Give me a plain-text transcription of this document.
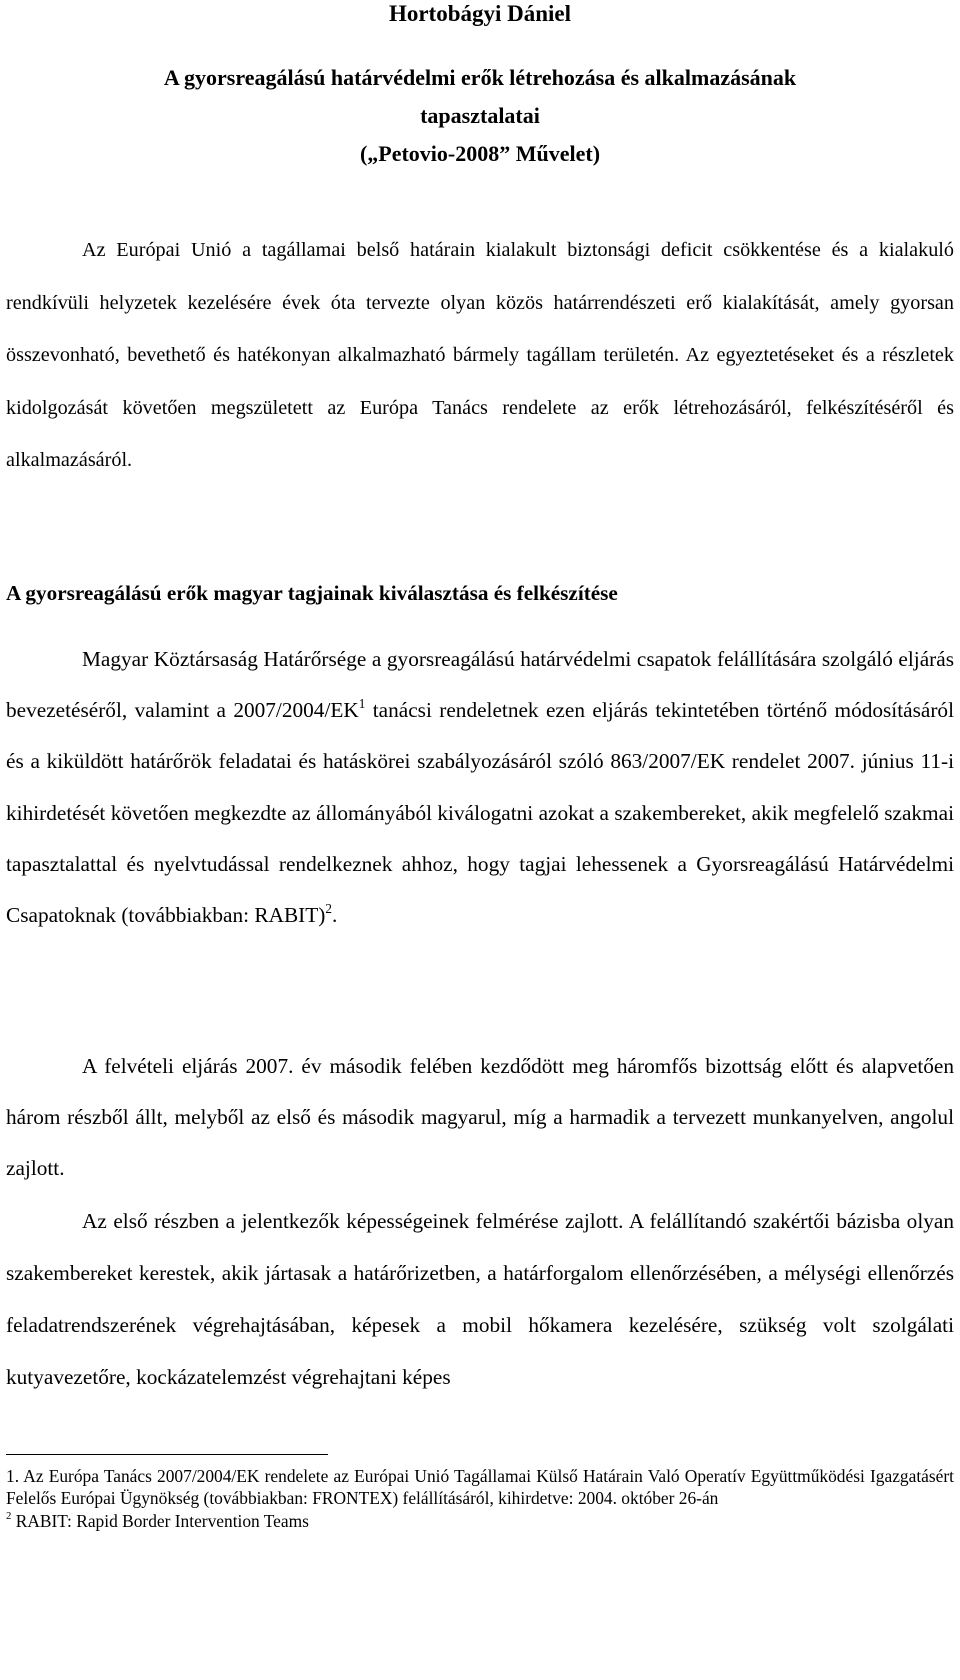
Hortobágyi Dániel
A gyorsreagálású határvédelmi erők létrehozása és alkalmazásának
tapasztalatai
(„Petovio-2008” Művelet)
Az Európai Unió a tagállamai belső határain kialakult biztonsági deficit csökkentése és a kialakuló rendkívüli helyzetek kezelésére évek óta tervezte olyan közös határrendészeti erő kialakítását, amely gyorsan összevonható, bevethető és hatékonyan alkalmazható bármely tagállam területén. Az egyeztetéseket és a részletek kidolgozását követően megszületett az Európa Tanács rendelete az erők létrehozásáról, felkészítéséről és alkalmazásáról.
A gyorsreagálású erők magyar tagjainak kiválasztása és felkészítése
Magyar Köztársaság Határőrsége a gyorsreagálású határvédelmi csapatok felállítására szolgáló eljárás bevezetéséről, valamint a $2007/2004/EK^1$ tanácsi rendeletnek ezen eljárás tekintetében történő módosításáról és a kiküldött határőrök feladatai és hatáskörei szabályozásáról szóló 863/2007/EK rendelet 2007. június 11-i kihirdetését követően megkezdte az állományából kiválogatni azokat a szakembereket, akik megfelelő szakmai tapasztalattal és nyelvtudással rendelkeznek ahhoz, hogy tagjai lehessenek a Gyorsreagálású Határvédelmi Csapatoknak (továbbiakban: RABIT)$^2$.
A felvételi eljárás 2007. év második felében kezdődött meg háromfős bizottság előtt és alapvetően három részből állt, melyből az első és második magyarul, míg a harmadik a tervezett munkanyelven, angolul zajlott.
Az első részben a jelentkezők képességeinek felmérése zajlott. A felállítandó szakértői bázisba olyan szakembereket kerestek, akik jártasak a határőrizetben, a határforgalom ellenőrzésében, a mélységi ellenőrzés feladatrendszerének végrehajtásában, képesek a mobil hőkamera kezelésére, szükség volt szolgálati kutyavezetőre, kockázatelemzést végrehajtani képes
1. Az Európa Tanács 2007/2004/EK rendelete az Európai Unió Tagállamai Külső Határain Való Operatív Együttműködési Igazgatásért Felelős Európai Ügynökség (továbbiakban: FRONTEX) felállításáról, kihirdetve: 2004. október 26-án
$^2$ RABIT: Rapid Border Intervention Teams
